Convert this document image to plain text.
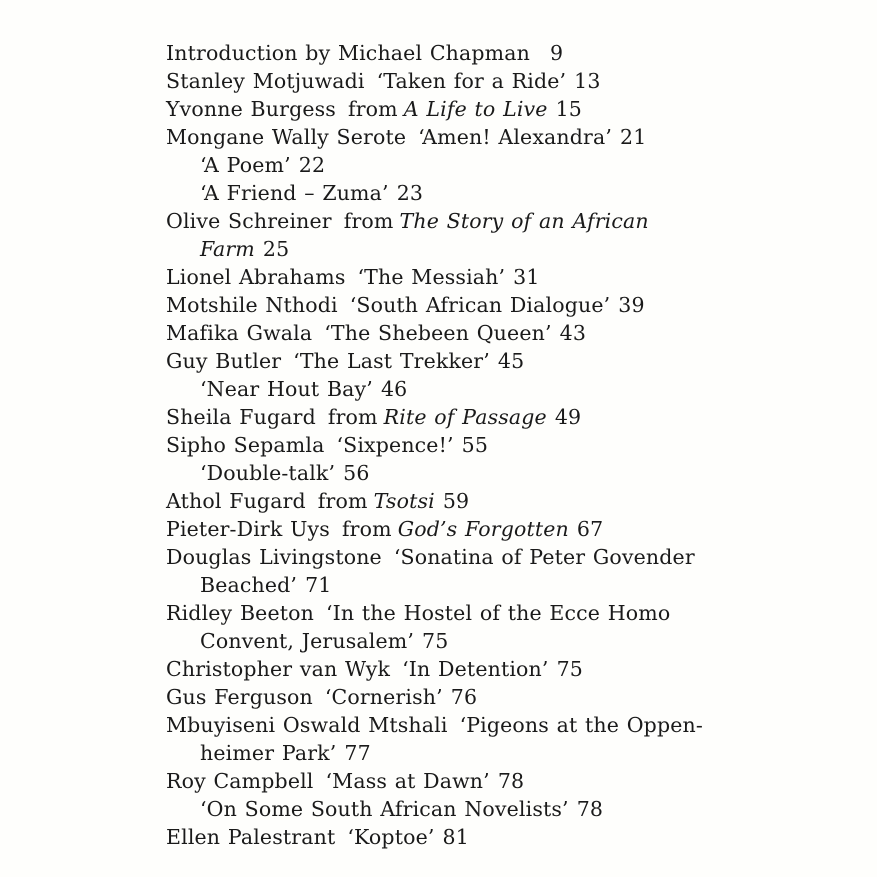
Introduction by Michael Chapman 9
Stanley Motjuwadi ‘Taken for a Ride’ 13
Yvonne Burgess from A Life to Live 15
Mongane Wally Serote ‘Amen! Alexandra’ 21
‘A Poem’ 22
‘A Friend – Zuma’ 23
Olive Schreiner from The Story of an African
Farm 25
Lionel Abrahams ‘The Messiah’ 31
Motshile Nthodi ‘South African Dialogue’ 39
Mafika Gwala ‘The Shebeen Queen’ 43
Guy Butler ‘The Last Trekker’ 45
‘Near Hout Bay’ 46
Sheila Fugard from Rite of Passage 49
Sipho Sepamla ‘Sixpence!’ 55
‘Double-talk’ 56
Athol Fugard from Tsotsi 59
Pieter-Dirk Uys from God’s Forgotten 67
Douglas Livingstone ‘Sonatina of Peter Govender
Beached’ 71
Ridley Beeton ‘In the Hostel of the Ecce Homo
Convent, Jerusalem’ 75
Christopher van Wyk ‘In Detention’ 75
Gus Ferguson ‘Cornerish’ 76
Mbuyiseni Oswald Mtshali ‘Pigeons at the Oppen-
heimer Park’ 77
Roy Campbell ‘Mass at Dawn’ 78
‘On Some South African Novelists’ 78
Ellen Palestrant ‘Koptoe’ 81
